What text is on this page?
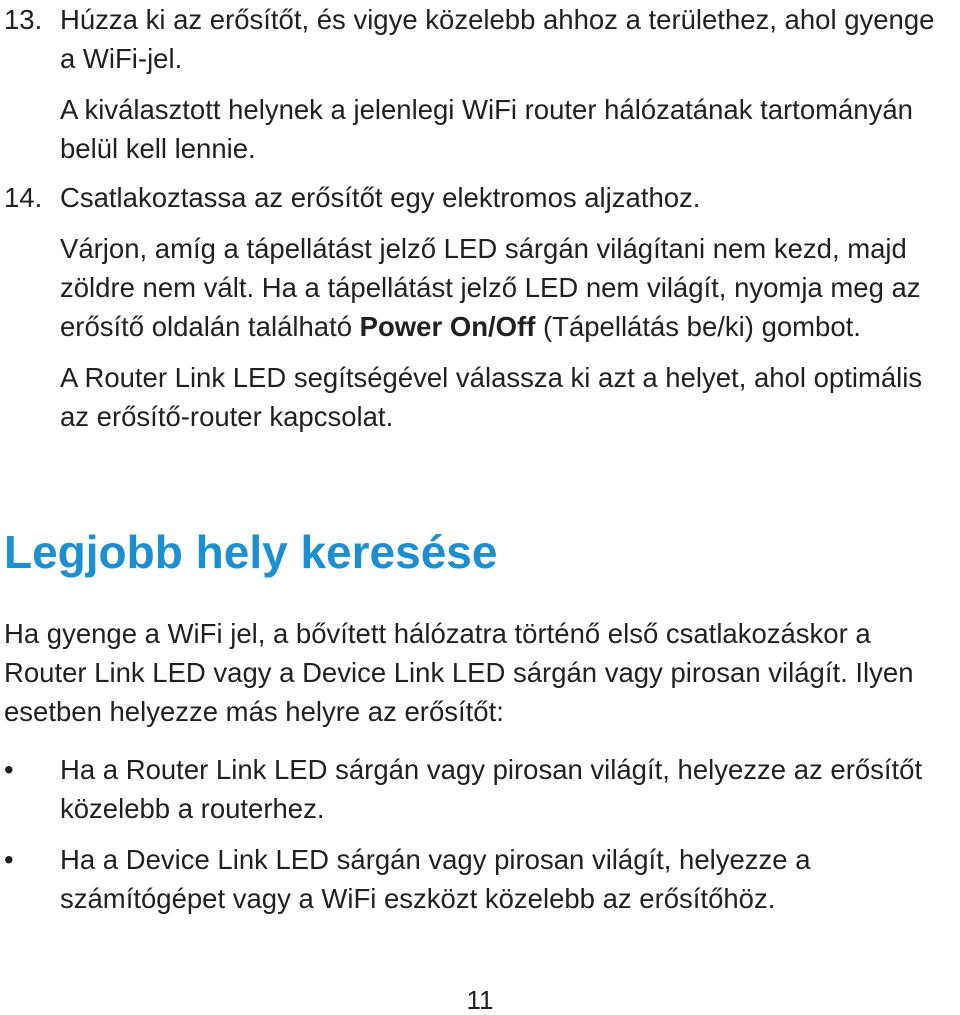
13. Húzza ki az erősítőt, és vigye közelebb ahhoz a területhez, ahol gyenge a WiFi-jel.

A kiválasztott helynek a jelenlegi WiFi router hálózatának tartományán belül kell lennie.

14. Csatlakoztassa az erősítőt egy elektromos aljzathoz.

Várjon, amíg a tápellátást jelző LED sárgán világítani nem kezd, majd zöldre nem vált. Ha a tápellátást jelző LED nem világít, nyomja meg az erősítő oldalán található Power On/Off (Tápellátás be/ki) gombot.

A Router Link LED segítségével válassza ki azt a helyet, ahol optimális az erősítő-router kapcsolat.

Legjobb hely keresése

Ha gyenge a WiFi jel, a bővített hálózatra történő első csatlakozáskor a Router Link LED vagy a Device Link LED sárgán vagy pirosan világít. Ilyen esetben helyezze más helyre az erősítőt:

• Ha a Router Link LED sárgán vagy pirosan világít, helyezze az erősítőt közelebb a routerhez.
• Ha a Device Link LED sárgán vagy pirosan világít, helyezze a számítógépet vagy a WiFi eszközt közelebb az erősítőhöz.
11
